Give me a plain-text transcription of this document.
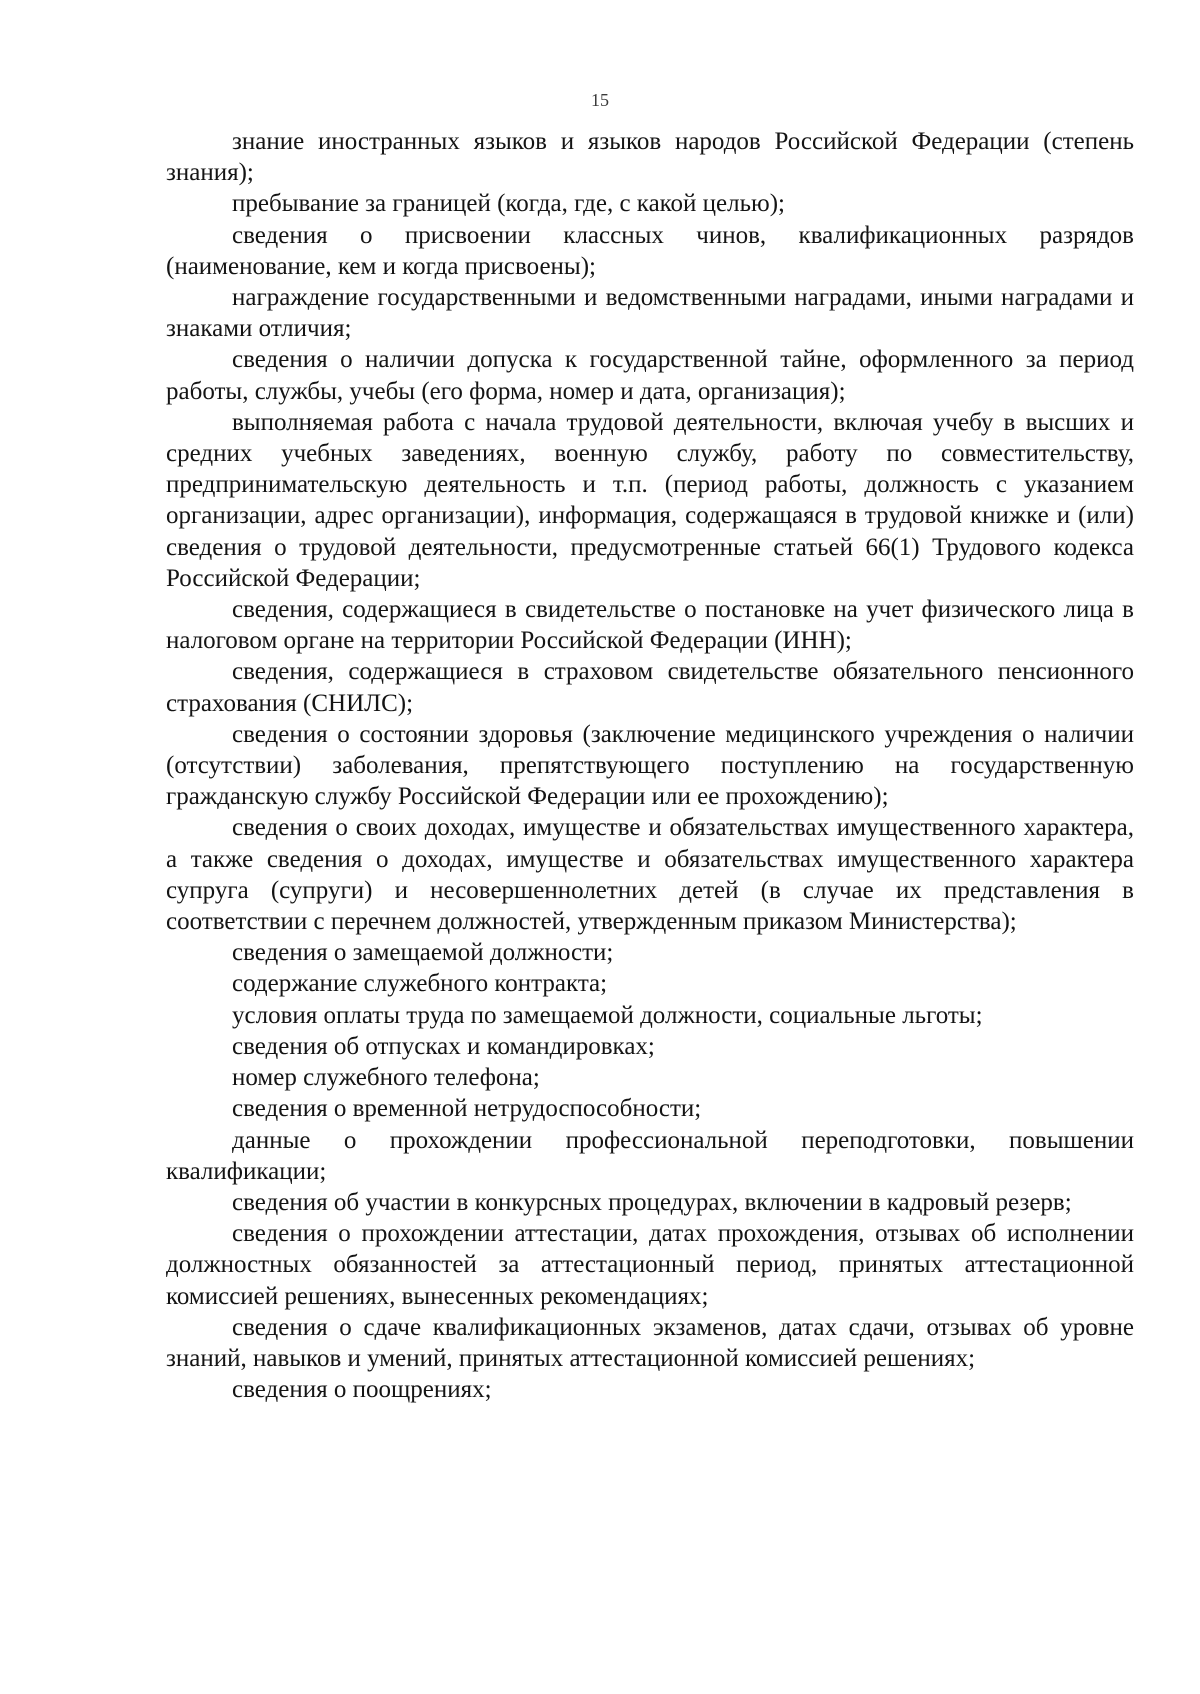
15

знание иностранных языков и языков народов Российской Федерации (степень знания);

пребывание за границей (когда, где, с какой целью);

сведения о присвоении классных чинов, квалификационных разрядов (наименование, кем и когда присвоены);

награждение государственными и ведомственными наградами, иными наградами и знаками отличия;

сведения о наличии допуска к государственной тайне, оформленного за период работы, службы, учебы (его форма, номер и дата, организация);

выполняемая работа с начала трудовой деятельности, включая учебу в высших и средних учебных заведениях, военную службу, работу по совместительству, предпринимательскую деятельность и т.п. (период работы, должность с указанием организации, адрес организации), информация, содержащаяся в трудовой книжке и (или) сведения о трудовой деятельности, предусмотренные статьей 66(1) Трудового кодекса Российской Федерации;

сведения, содержащиеся в свидетельстве о постановке на учет физического лица в налоговом органе на территории Российской Федерации (ИНН);

сведения, содержащиеся в страховом свидетельстве обязательного пенсионного страхования (СНИЛС);

сведения о состоянии здоровья (заключение медицинского учреждения о наличии (отсутствии) заболевания, препятствующего поступлению на государственную гражданскую службу Российской Федерации или ее прохождению);

сведения о своих доходах, имуществе и обязательствах имущественного характера, а также сведения о доходах, имуществе и обязательствах имущественного характера супруга (супруги) и несовершеннолетних детей (в случае их представления в соответствии с перечнем должностей, утвержденным приказом Министерства);

сведения о замещаемой должности;

содержание служебного контракта;

условия оплаты труда по замещаемой должности, социальные льготы;

сведения об отпусках и командировках;

номер служебного телефона;

сведения о временной нетрудоспособности;

данные о прохождении профессиональной переподготовки, повышении квалификации;

сведения об участии в конкурсных процедурах, включении в кадровый резерв;

сведения о прохождении аттестации, датах прохождения, отзывах об исполнении должностных обязанностей за аттестационный период, принятых аттестационной комиссией решениях, вынесенных рекомендациях;

сведения о сдаче квалификационных экзаменов, датах сдачи, отзывах об уровне знаний, навыков и умений, принятых аттестационной комиссией решениях;

сведения о поощрениях;
